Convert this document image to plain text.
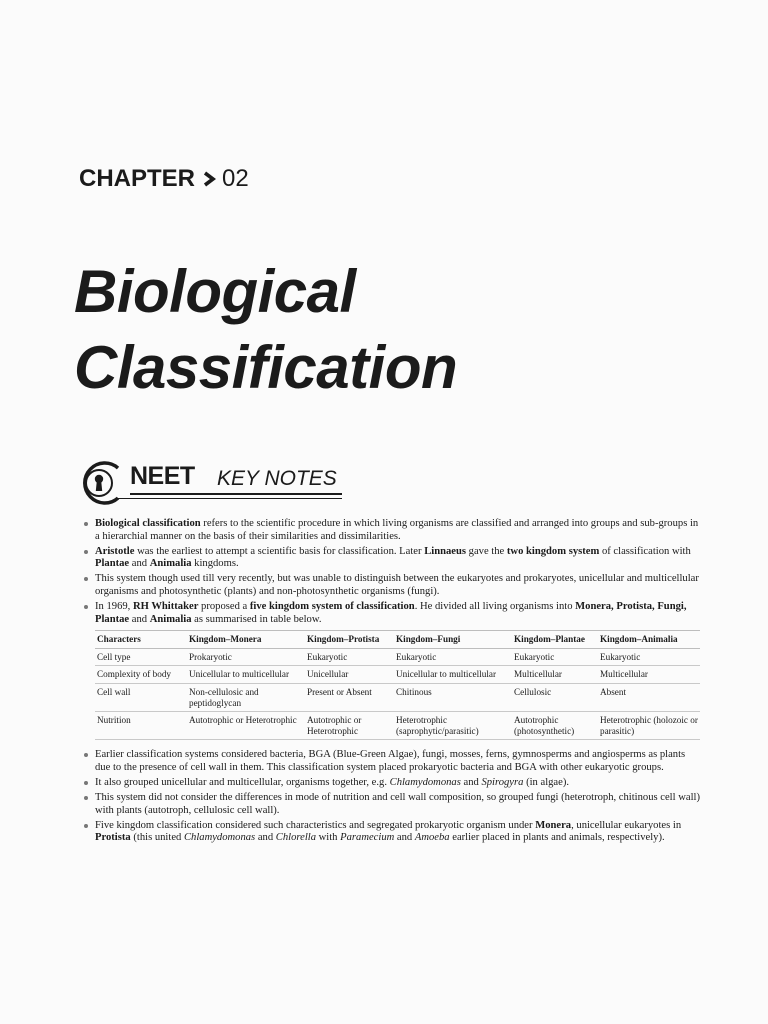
CHAPTER 02
Biological
Classification
NEET KEY NOTES
Biological classification refers to the scientific procedure in which living organisms are classified and arranged into groups and sub-groups in a hierarchial manner on the basis of their similarities and dissimilarities.
Aristotle was the earliest to attempt a scientific basis for classification. Later Linnaeus gave the two kingdom system of classification with Plantae and Animalia kingdoms.
This system though used till very recently, but was unable to distinguish between the eukaryotes and prokaryotes, unicellular and multicellular organisms and photosynthetic (plants) and non-photosynthetic organisms (fungi).
In 1969, RH Whittaker proposed a five kingdom system of classification. He divided all living organisms into Monera, Protista, Fungi, Plantae and Animalia as summarised in table below.
Characters	Kingdom–Monera	Kingdom–Protista	Kingdom–Fungi	Kingdom–Plantae	Kingdom–Animalia
Cell type	Prokaryotic	Eukaryotic	Eukaryotic	Eukaryotic	Eukaryotic
Complexity of body	Unicellular to multicellular	Unicellular	Unicellular to multicellular	Multicellular	Multicellular
Cell wall	Non-cellulosic and peptidoglycan	Present or Absent	Chitinous	Cellulosic	Absent
Nutrition	Autotrophic or Heterotrophic	Autotrophic or Heterotrophic	Heterotrophic (saprophytic/parasitic)	Autotrophic (photosynthetic)	Heterotrophic (holozoic or parasitic)
Earlier classification systems considered bacteria, BGA (Blue-Green Algae), fungi, mosses, ferns, gymnosperms and angiosperms as plants due to the presence of cell wall in them. This classification system placed prokaryotic bacteria and BGA with other eukaryotic groups.
It also grouped unicellular and multicellular, organisms together, e.g. Chlamydomonas and Spirogyra (in algae).
This system did not consider the differences in mode of nutrition and cell wall composition, so grouped fungi (heterotroph, chitinous cell wall) with plants (autotroph, cellulosic cell wall).
Five kingdom classification considered such characteristics and segregated prokaryotic organism under Monera, unicellular eukaryotes in Protista (this united Chlamydomonas and Chlorella with Paramecium and Amoeba earlier placed in plants and animals, respectively).
